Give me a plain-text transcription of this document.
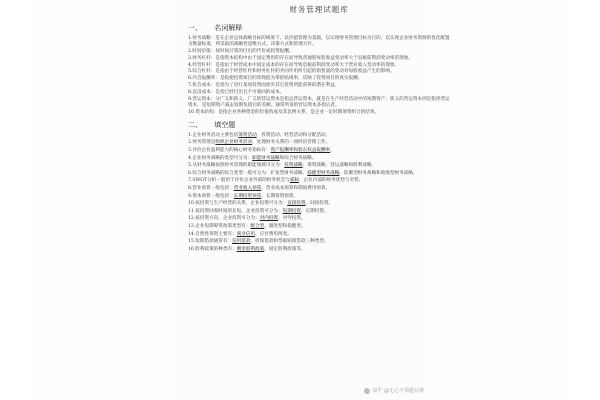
财务管理试题库
一、 名词解释
1.财务战略：是在企业总体战略目标的统筹下，以价值管理为基础，以实现财务管理目标为目的，以实现企业财务资源的优化配置为衡量标准，所采取的战略性思维方式、决策方式和管理方针。
2.时间价值：按时间计算的付出的代价或投资报酬。
3.财务杠杆：是指资本结构中由于固定费用的存在而导致普通股每股收益变动率大于息税前利润变动率的现象。
4.经营杠杆：是指由于经营成本中固定成本的存在而导致息税前利润变动率大于营业收入变动率的现象。
5.综合杠杆：是指由于经营杠杆和财务杠杆的共同作用所引起的销售量的变动对每股收益产生的影响。
6.内含报酬率：是指使投资项目的净现值为零的贴现率，反映了投资项目的真实报酬。
7.机会成本：是指为了进行某项投资而放弃其它投资所能获得的潜在利益。
8.沉没成本：是指已经付出且不可收回的成本。
9.营运资本：分广义和狭义，广义的营运资本是指总营运资本，就是在生产经营活动中的短期资产；狭义的营运资本则是指净营运资本，是短期资产减去短期负债后的差额。通常所说的营运资本多指后者。
10.资本结构：是指企业各种资金的价值构成及其比例关系，是企业一定时期筹资组合的结果。
二、 填空题
1.企业财务活动主要包括筹资活动、投资活动、经营活动和分配活动。
2.财务管理是组织企业财务活动、处理财务关系的一项经济管理工作。
3.评价企业盈利能力的核心财务指标有：资产报酬率和股东权益报酬率。
4.企业财务战略的类型可分为：职能财务战略和综合财务战略。
5.从财务战略按照财务管理的职能领域可分为：投资战略、筹资战略、营运战略和股利战略。
6.综合财务战略的综合类型一般可分为：扩张型财务战略、稳健型财务战略、防御型财务战略和收缩型财务战略。
7.SWOT分析一般用于评价企业外部的财务机会与威胁，企业内部的财务优势与劣势。
8.营业预算一般包括：营业收入预算、营业成本预算和期间费用预算。
9.资本预算一般包括：长期投资预算、长期筹资预算。
10.按投资与生产经营的关系，企业投资可分为：直接投资、间接投资。
11.按投资回收时间的长短，企业投资可分为：短期投资、长期投资。
12.按投资方向，企业投资可分为：对内投资、对外投资。
13.企业短期筹资政策类型有：配合型、激进型和稳健型。
14.自然性筹资主要有：商业信用、应付费用两类。
15.短期借款通常有：信用借款、担保借款和票据贴现借款三种类型。
16.股利政策的种类有：剩余股利政策、固定股利政策等。
知乎 @无心不惧题目啦
